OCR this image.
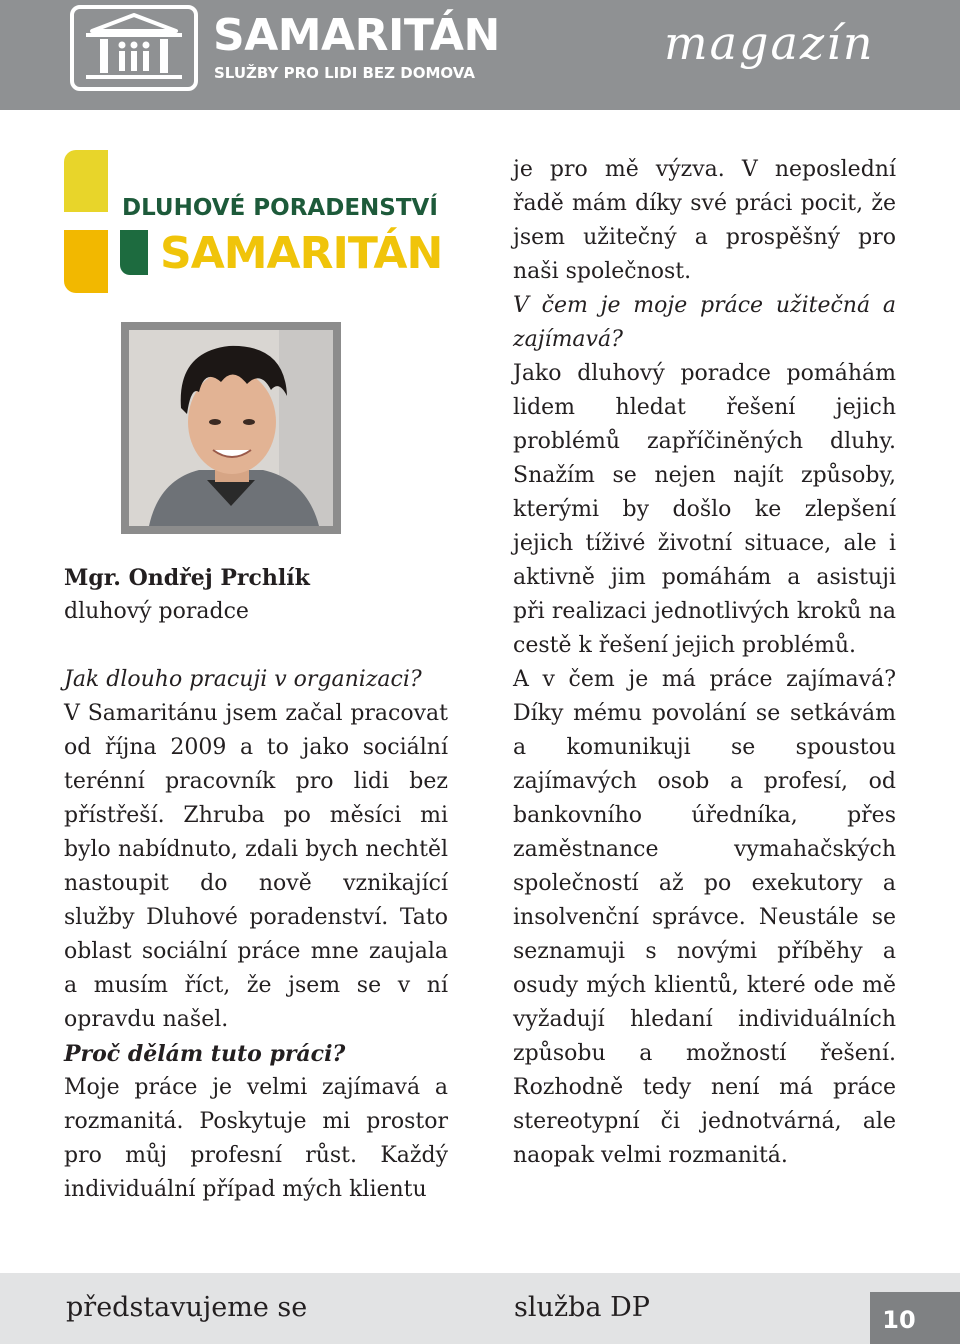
SAMARITÁN
SLUŽBY PRO LIDI BEZ DOMOVA
magazín
DLUHOVÉ PORADENSTVÍ
SAMARITÁN

Mgr. Ondřej Prchlík

dluhový poradce

Jak dlouho pracuji v organizaci?

V Samaritánu jsem začal pracovat od října 2009 a to jako sociální terénní pracovník pro lidi bez přístřeší. Zhruba po měsíci mi bylo nabídnuto, zdali bych nechtěl nastoupit do nově vznikající služby Dluhové poradenství. Tato oblast sociální práce mne zaujala a musím říct, že jsem se v ní opravdu našel.

Proč dělám tuto práci?

Moje práce je velmi zajímavá a rozmanitá. Poskytuje mi prostor pro můj profesní růst. Každý individuální případ mých klientu

je pro mě výzva. V neposlední řadě mám díky své práci pocit, že jsem užitečný a prospěšný pro naši společnost.

V čem je moje práce užitečná a zajímavá?

Jako dluhový poradce pomáhám lidem hledat řešení jejich problémů zapříčiněných dluhy. Snažím se nejen najít způsoby, kterými by došlo ke zlepšení jejich tíživé životní situace, ale i aktivně jim pomáhám a asistuji při realizaci jednotlivých kroků na cestě k řešení jejich problémů.

A v čem je má práce zajímavá? Díky mému povolání se setkávám a komunikuji se spoustou zajímavých osob a profesí, od bankovního úředníka, přes zaměstnance vymahačských společností až po exekutory a insolvenční správce. Neustále se seznamuji s novými příběhy a osudy mých klientů, které ode mě vyžadují hledaní individuálních způsobu a možností řešení. Rozhodně tedy není má práce stereotypní či jednotvárná, ale naopak velmi rozmanitá.

představujeme se	služba DP	10
